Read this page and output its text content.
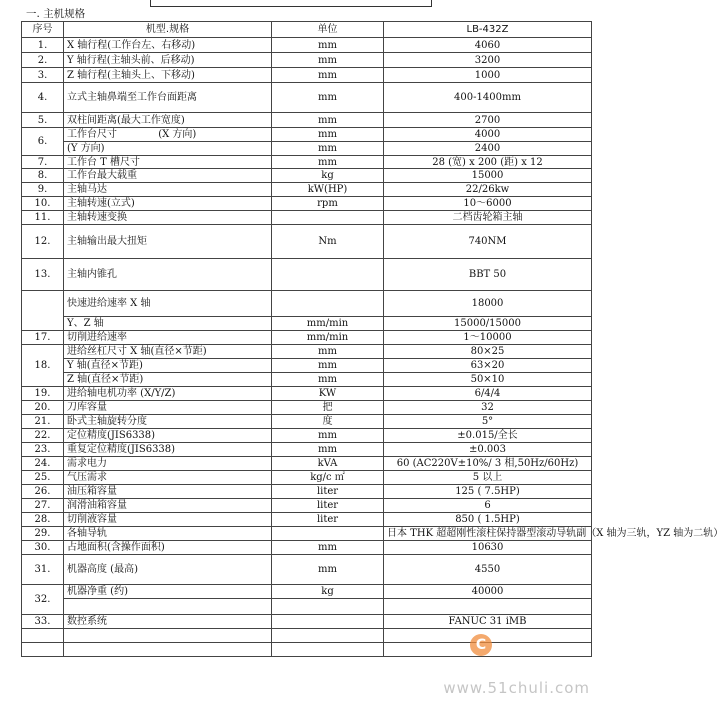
一. 主机规格
序号	机型.规格	单位	LB-432Z
1.	X 轴行程(工作台左、右移动)	mm	4060
2.	Y 轴行程(主轴头前、后移动)	mm	3200
3.	Z 轴行程(主轴头上、下移动)	mm	1000
4.	立式主轴鼻端至工作台面距离	mm	400-1400mm
5.	双柱间距离(最大工作宽度)	mm	2700
6.	工作台尺寸 (X 方向)	mm	4000
	(Y 方向)	mm	2400
7.	工作台 T 槽尺寸	mm	28 (宽) x 200 (距) x 12
8.	工作台最大载重	kg	15000
9.	主轴马达	kW(HP)	22/26kw
10.	主轴转速(立式)	rpm	10～6000
11.	主轴转速变换		二档齿轮箱主轴
12.	主轴输出最大扭矩	Nm	740NM
13.	主轴内锥孔		BBT 50
	快速进给速率 X 轴		18000
	Y、Z 轴	mm/min	15000/15000
17.	切削进给速率	mm/min	1～10000
18.	进给丝杠尺寸 X 轴(直径×节距)	mm	80×25
	Y 轴(直径×节距)	mm	63×20
	Z 轴(直径×节距)	mm	50×10
19.	进给轴电机功率 (X/Y/Z)	KW	6/4/4
20.	刀库容量	把	32
21.	卧式主轴旋转分度	度	5°
22.	定位精度(JIS6338)	mm	±0.015/全长
23.	重复定位精度(JIS6338)	mm	±0.003
24.	需求电力	kVA	60 (AC220V±10%/ 3 相,50Hz/60Hz)
25.	气压需求	kg/c ㎡	5 以上
26.	油压箱容量	liter	125 ( 7.5HP)
27.	润滑油箱容量	liter	6
28.	切削液容量	liter	850 ( 1.5HP)
29.	各轴导轨		日本 THK 超超刚性滚柱保持器型滚动导轨副（X 轴为三轨，YZ 轴为二轨）
30.	占地面积(含操作面积)	mm	10630
31.	机器高度 (最高)	mm	4550
32.	机器净重 (约)	kg	40000

33.	数控系统		FANUC 31 iMB

C
www.51chuli.com
